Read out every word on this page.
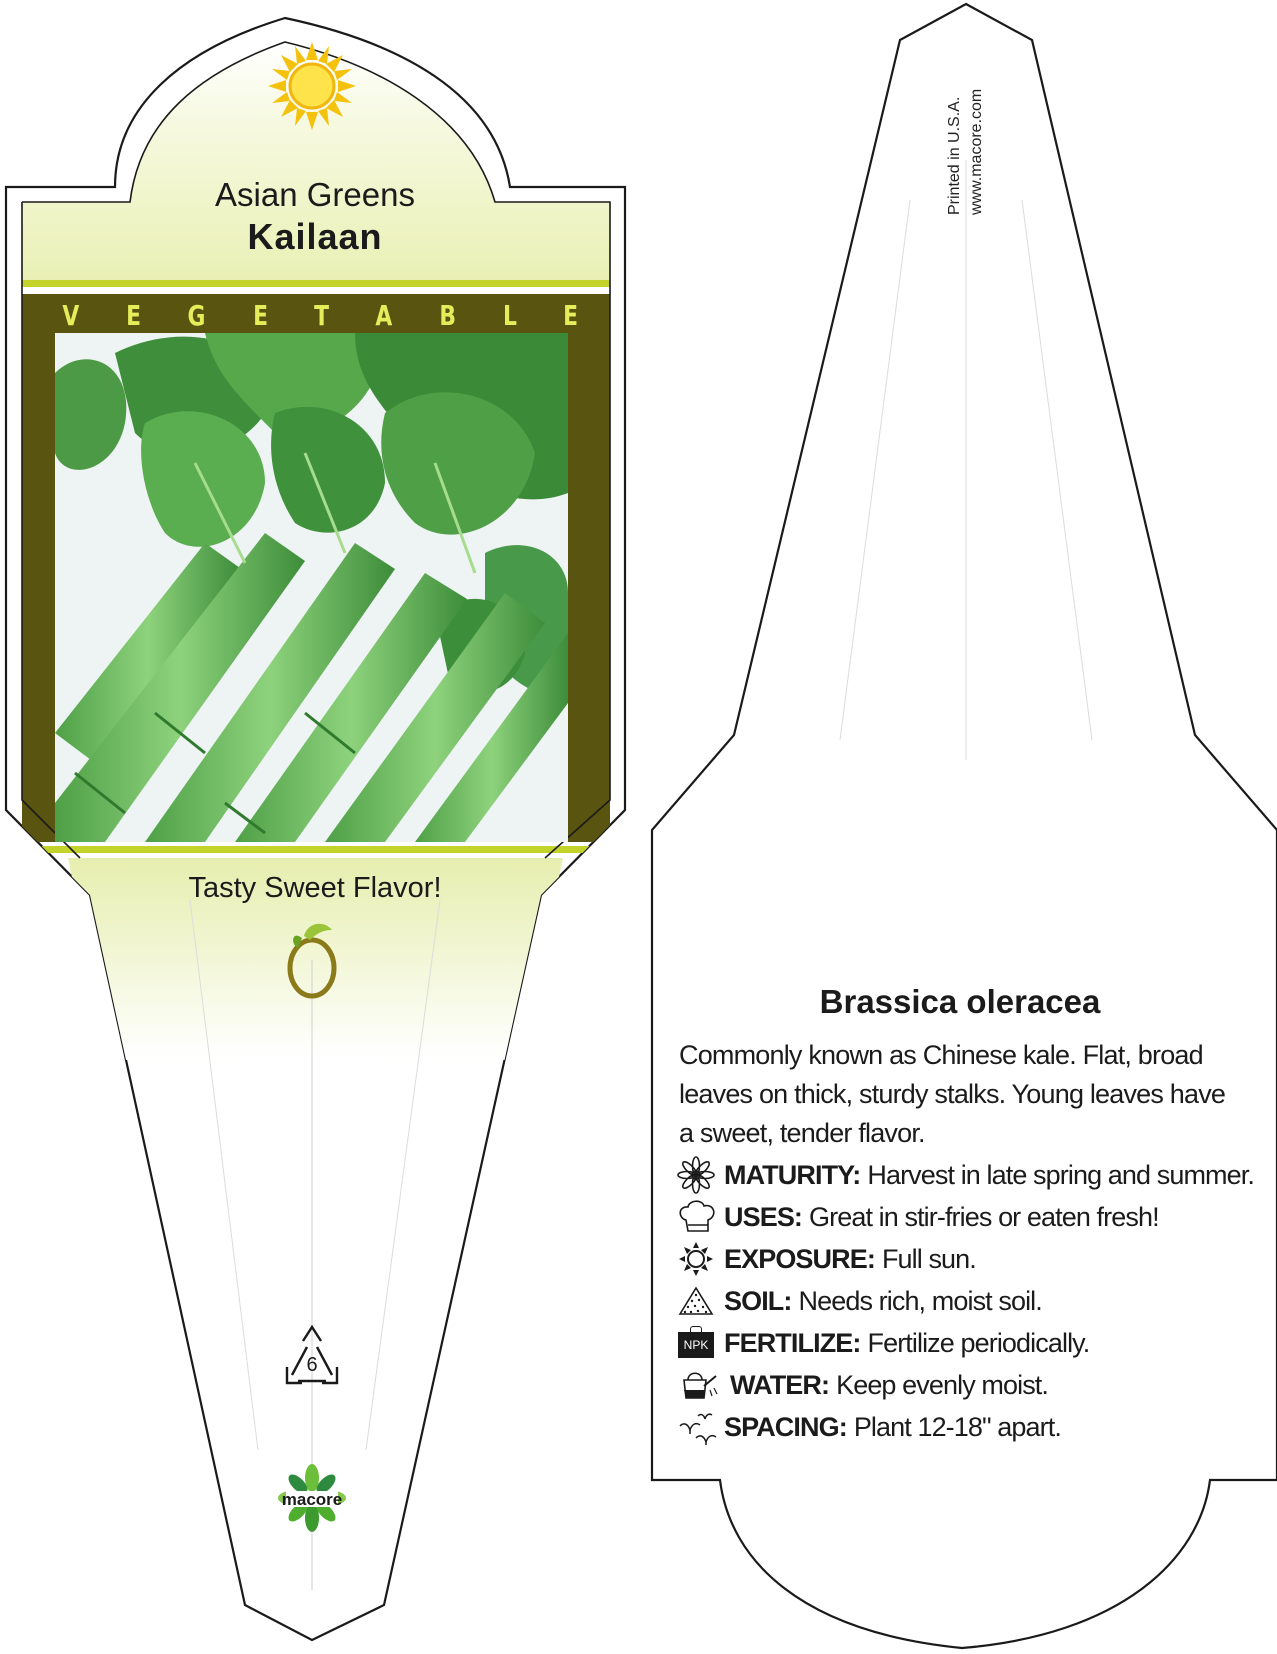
Asian Greens
Kailaan
V E G E T A B L E
Tasty Sweet Flavor!
6
macore
Printed in U.S.A. www.macore.com
Brassica oleracea
Commonly known as Chinese kale. Flat, broad leaves on thick, sturdy stalks. Young leaves have a sweet, tender flavor.
MATURITY: Harvest in late spring and summer.
USES: Great in stir-fries or eaten fresh!
EXPOSURE: Full sun.
SOIL: Needs rich, moist soil.
NPK FERTILIZE: Fertilize periodically.
WATER: Keep evenly moist.
SPACING: Plant 12-18" apart.
